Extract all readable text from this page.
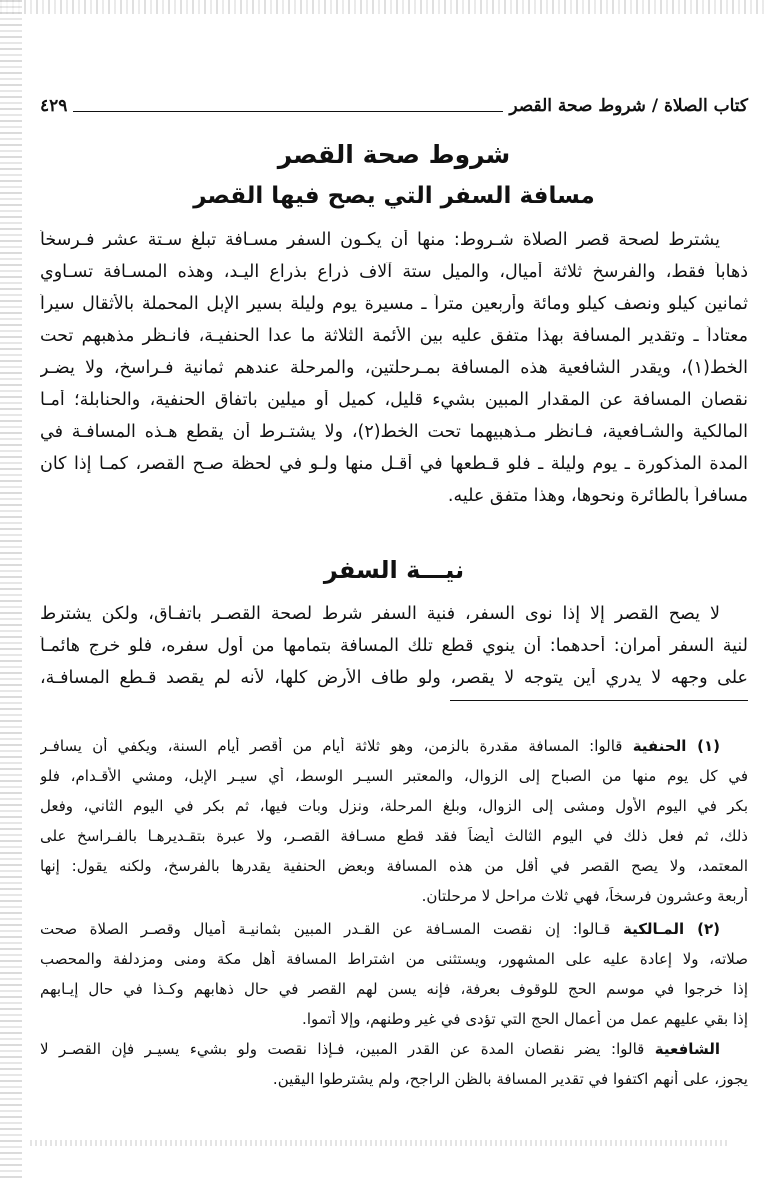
كتاب الصلاة / شروط صحة القصر
٤٢٩
شروط صحة القصر
مسافة السفر التي يصح فيها القصر
يشترط لصحة قصر الصلاة شـروط: منها أن يكـون السفر مسـافة تبلغ سـتة عشر فـرسخاً
ذهاباً فقط، والفرسخ ثلاثة أميال، والميل ستة آلاف ذراع بذراع اليـد، وهذه المسـافة تسـاوي
ثمانين كيلو ونصف كيلو ومائة وأربعين متراً ـ مسيرة يوم وليلة بسير الإبل المحملة بالأثقال سيراً
معتاداً ـ وتقدير المسافة بهذا متفق عليه بين الأئمة الثلاثة ما عدا الحنفيـة، فانـظر مذهبهم تحت
الخط(١)، ويقدر الشافعية هذه المسافة بمـرحلتين، والمرحلة عندهم ثمانية فـراسخ، ولا يضـر
نقصان المسافة عن المقدار المبين بشيء قليل، كميل أو ميلين باتفاق الحنفية، والحنابلة؛ أمـا
المالكية والشـافعية، فـانظر مـذهبيهما تحت الخط(٢)، ولا يشتـرط أن يقطع هـذه المسافـة في
المدة المذكورة ـ يوم وليلة ـ فلو قـطعها في أقـل منها ولـو في لحظة صـح القصر، كمـا إذا كان
مسافراً بالطائرة ونحوها، وهذا متفق عليه.
نيـــة السفر
لا يصح القصر إلا إذا نوى السفر، فنية السفر شرط لصحة القصـر باتفـاق، ولكن يشترط
لنية السفر أمران: أحدهما: أن ينوي قطع تلك المسافة بتمامها من أول سفره، فلو خرج هائمـاً
على وجهه لا يدري أين يتوجه لا يقصر، ولو طاف الأرض كلها، لأنه لم يقصد قـطع المسافـة،
(١) الحنفية قالوا: المسافة مقدرة بالزمن، وهو ثلاثة أيام من أقصر أيام السنة، ويكفي أن يسافـر
في كل يوم منها من الصباح إلى الزوال، والمعتبر السيـر الوسط، أي سيـر الإبل، ومشي الأقـدام، فلو
بكر في اليوم الأول ومشى إلى الزوال، وبلغ المرحلة، ونزل وبات فيها، ثم بكر في اليوم الثاني، وفعل
ذلك، ثم فعل ذلك في اليوم الثالث أيضاً فقد قطع مسـافة القصـر، ولا عبرة بتقـديرهـا بالفـراسخ على
المعتمد، ولا يصح القصر في أقل من هذه المسافة وبعض الحنفية يقدرها بالفرسخ، ولكنه يقول: إنها
أربعة وعشرون فرسخاً، فهي ثلاث مراحل لا مرحلتان.
(٢) المـالكية قـالوا: إن نقصت المسـافة عن القـدر المبين بثمانيـة أميال وقصـر الصلاة صحت
صلاته، ولا إعادة عليه على المشهور، ويستثنى من اشتراط المسافة أهل مكة ومنى ومزدلفة والمحصب
إذا خرجوا في موسم الحج للوقوف بعرفة، فإنه يسن لهم القصر في حال ذهابهم وكـذا في حال إيـابهم
إذا بقي عليهم عمل من أعمال الحج التي تؤدى في غير وطنهم، وإلا أتموا.
الشافعية قالوا: يضر نقصان المدة عن القدر المبين، فـإذا نقصت ولو بشيء يسيـر فإن القصـر لا
يجوز، على أنهم اكتفوا في تقدير المسافة بالظن الراجح، ولم يشترطوا اليقين.
